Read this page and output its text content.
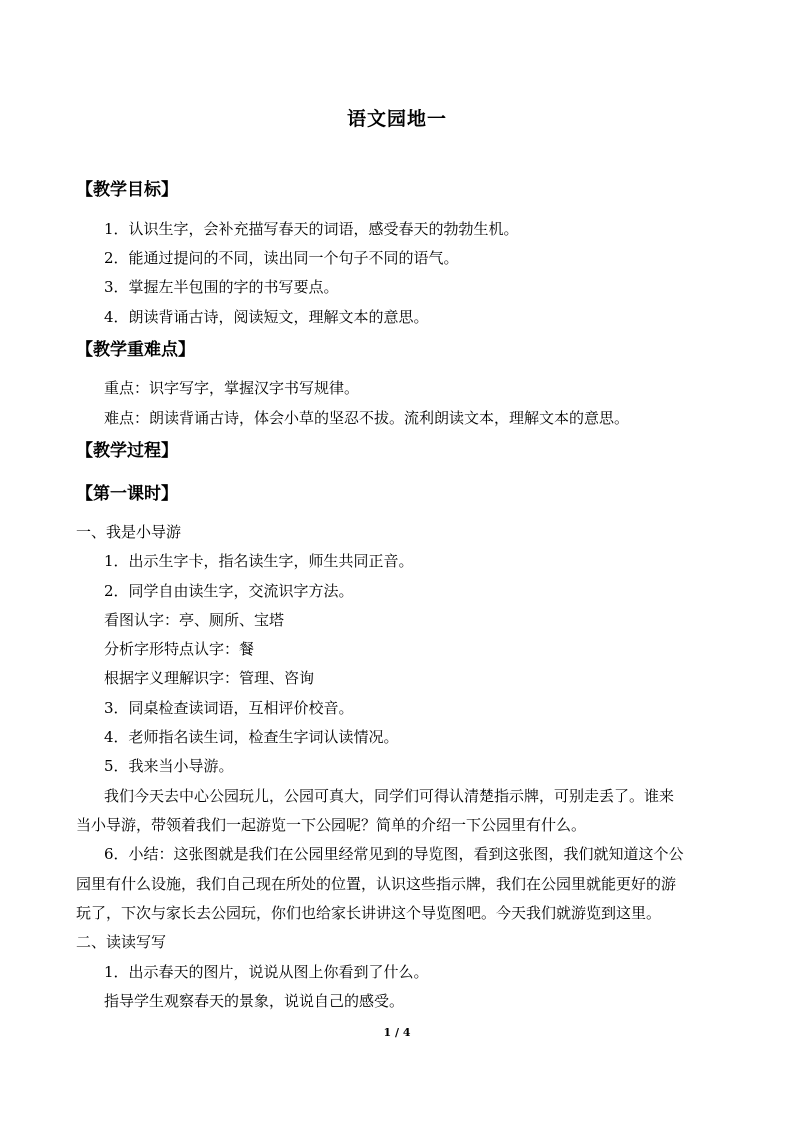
语文园地一
【教学目标】
1．认识生字，会补充描写春天的词语，感受春天的勃勃生机。
2．能通过提问的不同，读出同一个句子不同的语气。
3．掌握左半包围的字的书写要点。
4．朗读背诵古诗，阅读短文，理解文本的意思。
【教学重难点】
重点：识字写字，掌握汉字书写规律。
难点：朗读背诵古诗，体会小草的坚忍不拔。流利朗读文本，理解文本的意思。
【教学过程】
【第一课时】
一、我是小导游
1．出示生字卡，指名读生字，师生共同正音。
2．同学自由读生字，交流识字方法。
看图认字：亭、厕所、宝塔
分析字形特点认字：餐
根据字义理解识字：管理、咨询
3．同桌检查读词语，互相评价校音。
4．老师指名读生词，检查生字词认读情况。
5．我来当小导游。
我们今天去中心公园玩儿，公园可真大，同学们可得认清楚指示牌，可别走丢了。谁来
当小导游，带领着我们一起游览一下公园呢？简单的介绍一下公园里有什么。
6．小结：这张图就是我们在公园里经常见到的导览图，看到这张图，我们就知道这个公
园里有什么设施，我们自己现在所处的位置，认识这些指示牌，我们在公园里就能更好的游
玩了，下次与家长去公园玩，你们也给家长讲讲这个导览图吧。今天我们就游览到这里。
二、读读写写
1．出示春天的图片，说说从图上你看到了什么。
指导学生观察春天的景象，说说自己的感受。
1 / 4
